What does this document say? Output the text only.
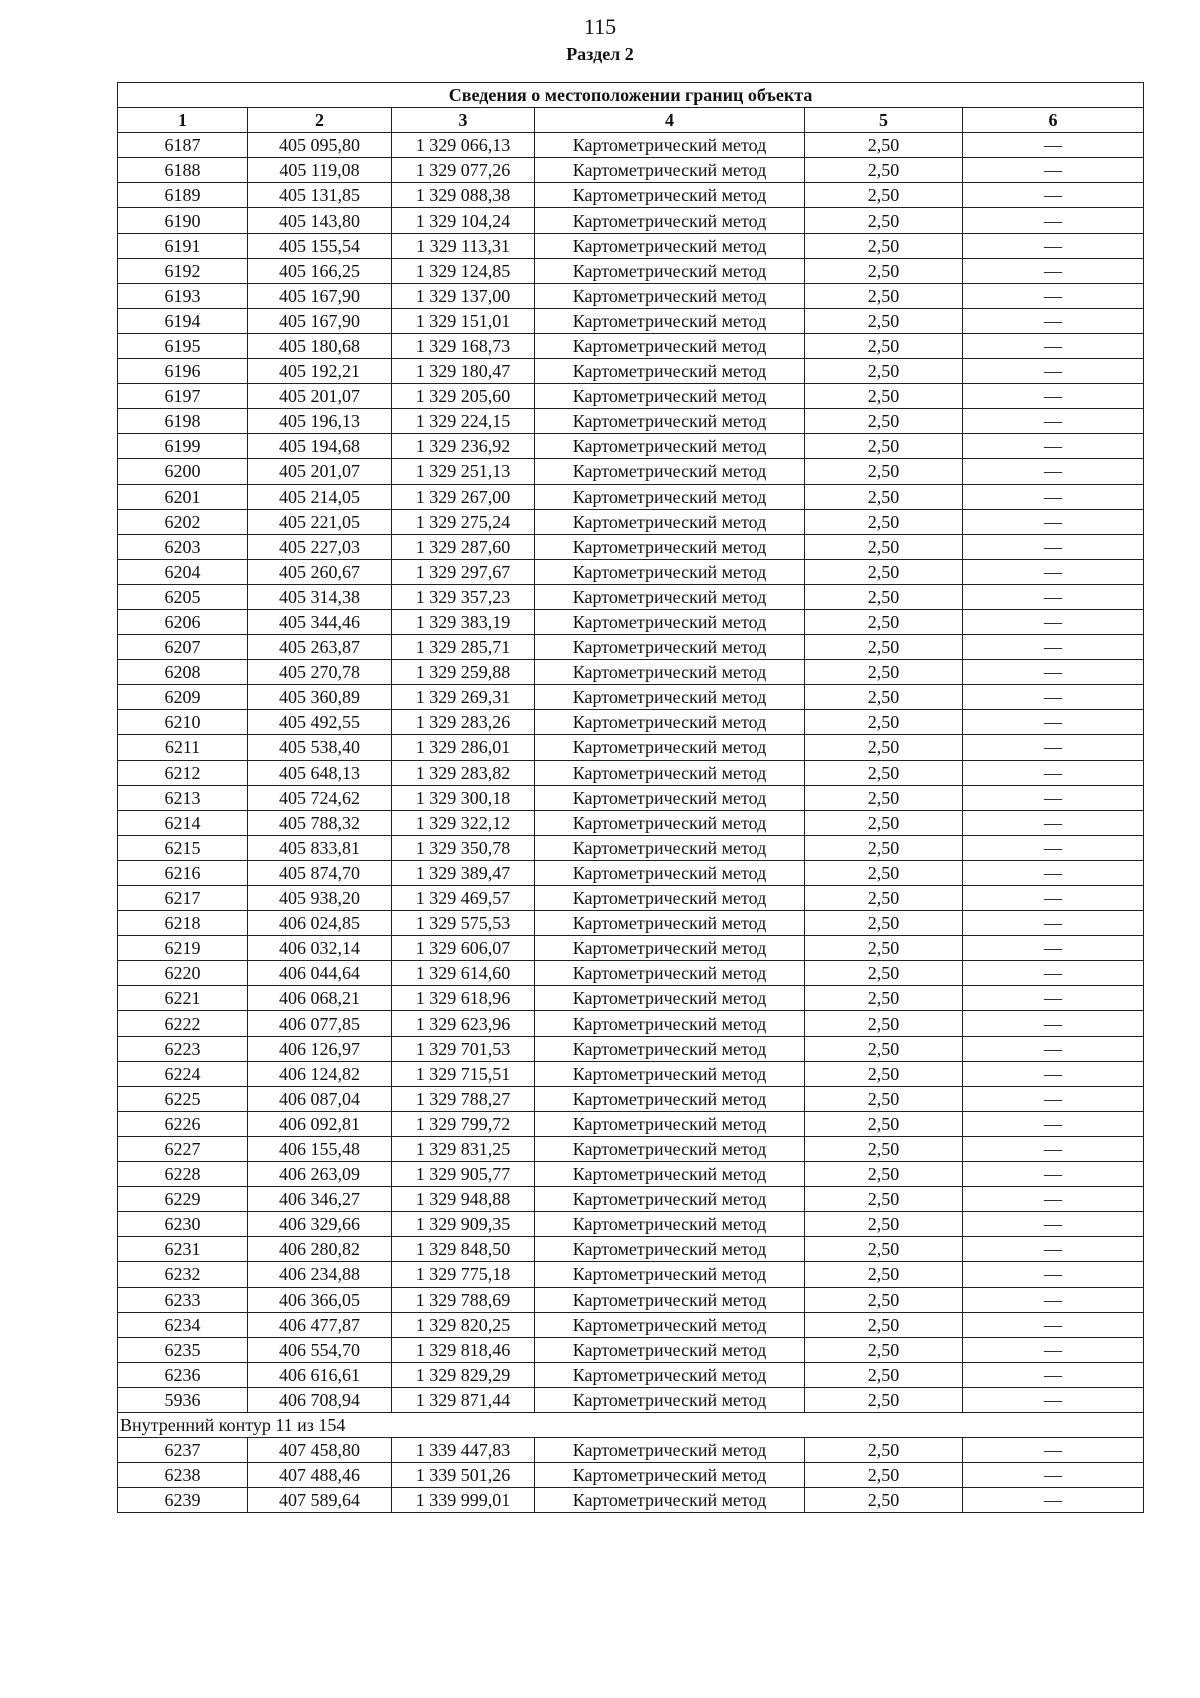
115
Раздел 2
Сведения о местоположении границ объекта					
1	2	3	4	5	6
6187	405 095,80	1 329 066,13	Картометрический метод	2,50	—
6188	405 119,08	1 329 077,26	Картометрический метод	2,50	—
6189	405 131,85	1 329 088,38	Картометрический метод	2,50	—
6190	405 143,80	1 329 104,24	Картометрический метод	2,50	—
6191	405 155,54	1 329 113,31	Картометрический метод	2,50	—
6192	405 166,25	1 329 124,85	Картометрический метод	2,50	—
6193	405 167,90	1 329 137,00	Картометрический метод	2,50	—
6194	405 167,90	1 329 151,01	Картометрический метод	2,50	—
6195	405 180,68	1 329 168,73	Картометрический метод	2,50	—
6196	405 192,21	1 329 180,47	Картометрический метод	2,50	—
6197	405 201,07	1 329 205,60	Картометрический метод	2,50	—
6198	405 196,13	1 329 224,15	Картометрический метод	2,50	—
6199	405 194,68	1 329 236,92	Картометрический метод	2,50	—
6200	405 201,07	1 329 251,13	Картометрический метод	2,50	—
6201	405 214,05	1 329 267,00	Картометрический метод	2,50	—
6202	405 221,05	1 329 275,24	Картометрический метод	2,50	—
6203	405 227,03	1 329 287,60	Картометрический метод	2,50	—
6204	405 260,67	1 329 297,67	Картометрический метод	2,50	—
6205	405 314,38	1 329 357,23	Картометрический метод	2,50	—
6206	405 344,46	1 329 383,19	Картометрический метод	2,50	—
6207	405 263,87	1 329 285,71	Картометрический метод	2,50	—
6208	405 270,78	1 329 259,88	Картометрический метод	2,50	—
6209	405 360,89	1 329 269,31	Картометрический метод	2,50	—
6210	405 492,55	1 329 283,26	Картометрический метод	2,50	—
6211	405 538,40	1 329 286,01	Картометрический метод	2,50	—
6212	405 648,13	1 329 283,82	Картометрический метод	2,50	—
6213	405 724,62	1 329 300,18	Картометрический метод	2,50	—
6214	405 788,32	1 329 322,12	Картометрический метод	2,50	—
6215	405 833,81	1 329 350,78	Картометрический метод	2,50	—
6216	405 874,70	1 329 389,47	Картометрический метод	2,50	—
6217	405 938,20	1 329 469,57	Картометрический метод	2,50	—
6218	406 024,85	1 329 575,53	Картометрический метод	2,50	—
6219	406 032,14	1 329 606,07	Картометрический метод	2,50	—
6220	406 044,64	1 329 614,60	Картометрический метод	2,50	—
6221	406 068,21	1 329 618,96	Картометрический метод	2,50	—
6222	406 077,85	1 329 623,96	Картометрический метод	2,50	—
6223	406 126,97	1 329 701,53	Картометрический метод	2,50	—
6224	406 124,82	1 329 715,51	Картометрический метод	2,50	—
6225	406 087,04	1 329 788,27	Картометрический метод	2,50	—
6226	406 092,81	1 329 799,72	Картометрический метод	2,50	—
6227	406 155,48	1 329 831,25	Картометрический метод	2,50	—
6228	406 263,09	1 329 905,77	Картометрический метод	2,50	—
6229	406 346,27	1 329 948,88	Картометрический метод	2,50	—
6230	406 329,66	1 329 909,35	Картометрический метод	2,50	—
6231	406 280,82	1 329 848,50	Картометрический метод	2,50	—
6232	406 234,88	1 329 775,18	Картометрический метод	2,50	—
6233	406 366,05	1 329 788,69	Картометрический метод	2,50	—
6234	406 477,87	1 329 820,25	Картометрический метод	2,50	—
6235	406 554,70	1 329 818,46	Картометрический метод	2,50	—
6236	406 616,61	1 329 829,29	Картометрический метод	2,50	—
5936	406 708,94	1 329 871,44	Картометрический метод	2,50	—
Внутренний контур 11 из 154					
6237	407 458,80	1 339 447,83	Картометрический метод	2,50	—
6238	407 488,46	1 339 501,26	Картометрический метод	2,50	—
6239	407 589,64	1 339 999,01	Картометрический метод	2,50	—
